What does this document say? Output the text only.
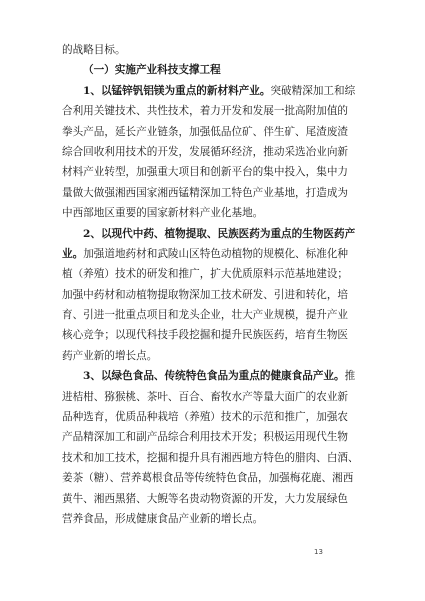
的战略目标。
（一）实施产业科技支撑工程
1、以锰锌钒铝镁为重点的新材料产业。突破精深加工和综
合利用关键技术、共性技术，着力开发和发展一批高附加值的
拳头产品，延长产业链条，加强低品位矿、伴生矿、尾渣废渣
综合回收利用技术的开发，发展循环经济，推动采选冶业向新
材料产业转型，加强重大项目和创新平台的集中投入，集中力
量做大做强湘西国家湘西锰精深加工特色产业基地，打造成为
中西部地区重要的国家新材料产业化基地。
2、以现代中药、植物提取、民族医药为重点的生物医药产
业。加强道地药材和武陵山区特色动植物的规模化、标准化种
植（养殖）技术的研发和推广，扩大优质原料示范基地建设；
加强中药材和动植物提取物深加工技术研发、引进和转化，培
育、引进一批重点项目和龙头企业，壮大产业规模，提升产业
核心竞争；以现代科技手段挖掘和提升民族医药，培育生物医
药产业新的增长点。
3、以绿色食品、传统特色食品为重点的健康食品产业。推
进桔柑、猕猴桃、茶叶、百合、畜牧水产等量大面广的农业新
品种选育，优质品种栽培（养殖）技术的示范和推广，加强农
产品精深加工和副产品综合利用技术开发；积极运用现代生物
技术和加工技术，挖掘和提升具有湘西地方特色的腊肉、白酒、
姜茶（糖）、营养葛根食品等传统特色食品，加强梅花鹿、湘西
黄牛、湘西黑猪、大鲵等名贵动物资源的开发，大力发展绿色
营养食品，形成健康食品产业新的增长点。
13
